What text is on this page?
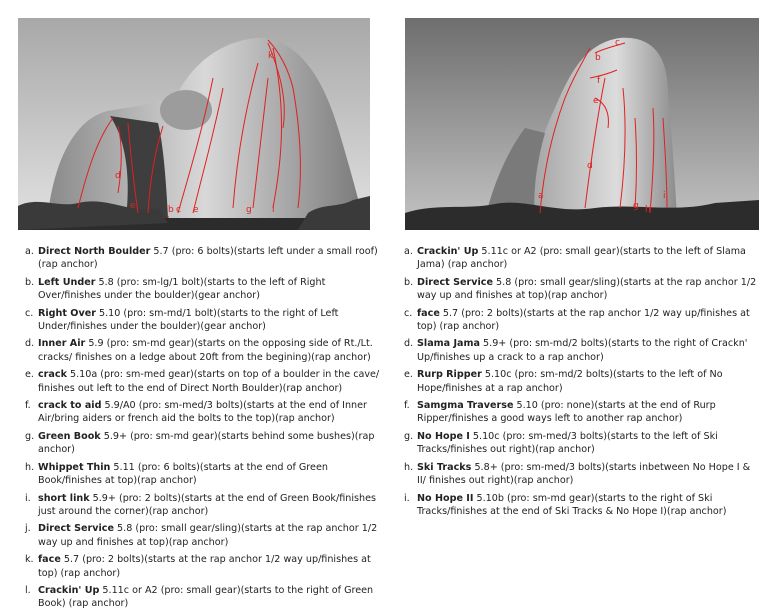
d
b c e
e	g l
k
a
b
c
d
e
f
g h
i
a. Direct North Boulder 5.7 (pro: 6 bolts)(starts left under a small roof)(rap anchor)
b. Left Under 5.8 (pro: sm-lg/1 bolt)(starts to the left of Right Over/finishes under the boulder)(gear anchor)
c. Right Over 5.10 (pro: sm-md/1 bolt)(starts to the right of Left Under/finishes under the boulder)(gear anchor)
d. Inner Air 5.9 (pro: sm-md gear)(starts on the opposing side of Rt./Lt. cracks/ finishes on a ledge about 20ft from the begining)(rap anchor)
e. crack 5.10a (pro: sm-med gear)(starts on top of a boulder in the cave/ finishes out left to the end of Direct North Boulder)(rap anchor)
f. crack to aid 5.9/A0 (pro: sm-med/3 bolts)(starts at the end of Inner Air/bring aiders or french aid the bolts to the top)(rap anchor)
g. Green Book 5.9+ (pro: sm-md gear)(starts behind some bushes)(rap anchor)
h. Whippet Thin 5.11 (pro: 6 bolts)(starts at the end of Green Book/finishes at top)(rap anchor)
i. short link 5.9+ (pro: 2 bolts)(starts at the end of Green Book/finishes just around the corner)(rap anchor)
j. Direct Service 5.8 (pro: small gear/sling)(starts at the rap anchor 1/2 way up and finishes at top)(rap anchor)
k. face 5.7 (pro: 2 bolts)(starts at the rap anchor 1/2 way up/finishes at top) (rap anchor)
l. Crackin' Up 5.11c or A2 (pro: small gear)(starts to the right of Green Book) (rap anchor)
a. Crackin' Up 5.11c or A2 (pro: small gear)(starts to the left of Slama Jama) (rap anchor)
b. Direct Service 5.8 (pro: small gear/sling)(starts at the rap anchor 1/2 way up and finishes at top)(rap anchor)
c. face 5.7 (pro: 2 bolts)(starts at the rap anchor 1/2 way up/finishes at top) (rap anchor)
d. Slama Jama 5.9+ (pro: sm-md/2 bolts)(starts to the right of Crackn' Up/finishes up a crack to a rap anchor)
e. Rurp Ripper 5.10c (pro: sm-md/2 bolts)(starts to the left of No Hope/finishes at a rap anchor)
f. Samgma Traverse 5.10 (pro: none)(starts at the end of Rurp Ripper/finishes a good ways left to another rap anchor)
g. No Hope I 5.10c (pro: sm-med/3 bolts)(starts to the left of Ski Tracks/finishes out right)(rap anchor)
h. Ski Tracks 5.8+ (pro: sm-med/3 bolts)(starts inbetween No Hope I & II/ finishes out right)(rap anchor)
i. No Hope II 5.10b (pro: sm-md gear)(starts to the right of Ski Tracks/finishes at the end of Ski Tracks & No Hope I)(rap anchor)
